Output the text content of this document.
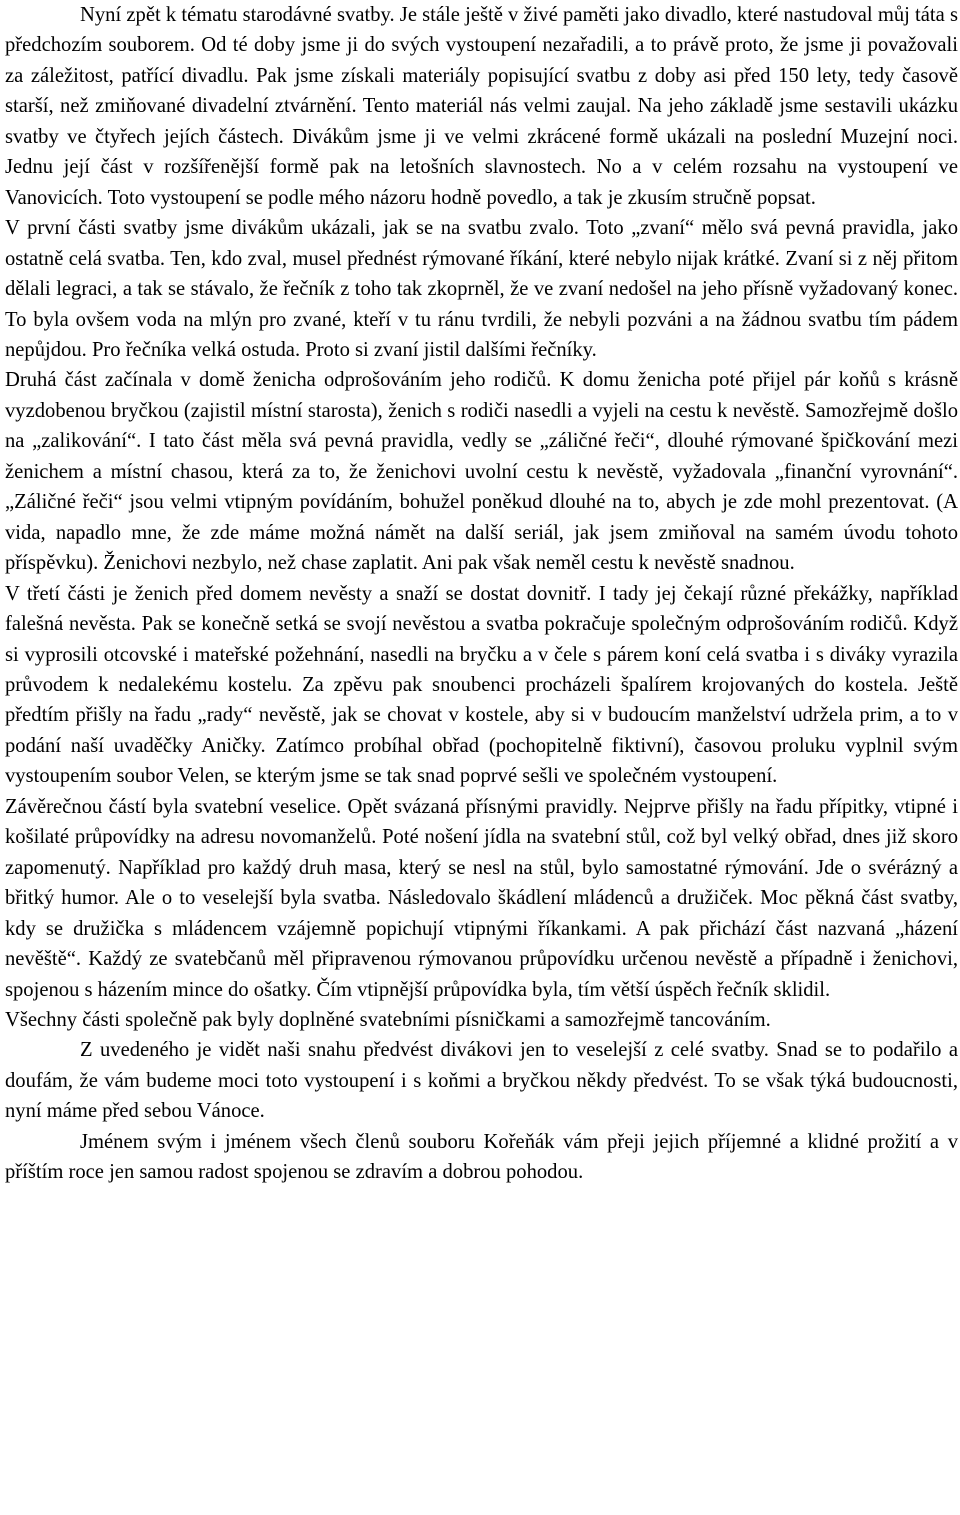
Nyní zpět k tématu starodávné svatby. Je stále ještě v živé paměti jako divadlo, které nastudoval můj táta s předchozím souborem. Od té doby jsme ji do svých vystoupení nezařadili, a to právě proto, že jsme ji považovali za záležitost, patřící divadlu. Pak jsme získali materiály popisující svatbu z doby asi před 150 lety, tedy časově starší, než zmiňované divadelní ztvárnění. Tento materiál nás velmi zaujal. Na jeho základě jsme sestavili ukázku svatby ve čtyřech jejích částech. Divákům jsme ji ve velmi zkrácené formě ukázali na poslední Muzejní noci. Jednu její část v rozšířenější formě pak na letošních slavnostech. No a v celém rozsahu na vystoupení ve Vanovicích. Toto vystoupení se podle mého názoru hodně povedlo, a tak je zkusím stručně popsat.

V první části svatby jsme divákům ukázali, jak se na svatbu zvalo. Toto „zvaní“ mělo svá pevná pravidla, jako ostatně celá svatba. Ten, kdo zval, musel přednést rýmované říkání, které nebylo nijak krátké. Zvaní si z něj přitom dělali legraci, a tak se stávalo, že řečník z toho tak zkoprněl, že ve zvaní nedošel na jeho přísně vyžadovaný konec. To byla ovšem voda na mlýn pro zvané, kteří v tu ránu tvrdili, že nebyli pozváni a na žádnou svatbu tím pádem nepůjdou. Pro řečníka velká ostuda. Proto si zvaní jistil dalšími řečníky.

Druhá část začínala v domě ženicha odprošováním jeho rodičů. K domu ženicha poté přijel pár koňů s krásně vyzdobenou bryčkou (zajistil místní starosta), ženich s rodiči nasedli a vyjeli na cestu k nevěstě. Samozřejmě došlo na „zalikování“. I tato část měla svá pevná pravidla, vedly se „záličné řeči“, dlouhé rýmované špičkování mezi ženichem a místní chasou, která za to, že ženichovi uvolní cestu k nevěstě, vyžadovala „finanční vyrovnání“. „Záličné řeči“ jsou velmi vtipným povídáním, bohužel poněkud dlouhé na to, abych je zde mohl prezentovat. (A vida, napadlo mne, že zde máme možná námět na další seriál, jak jsem zmiňoval na samém úvodu tohoto příspěvku). Ženichovi nezbylo, než chase zaplatit. Ani pak však neměl cestu k nevěstě snadnou.

V třetí části je ženich před domem nevěsty a snaží se dostat dovnitř. I tady jej čekají různé překážky, například falešná nevěsta. Pak se konečně setká se svojí nevěstou a svatba pokračuje společným odprošováním rodičů. Když si vyprosili otcovské i mateřské požehnání, nasedli na bryčku a v čele s párem koní celá svatba i s diváky vyrazila průvodem k nedalekému kostelu. Za zpěvu pak snoubenci procházeli špalírem krojovaných do kostela. Ještě předtím přišly na řadu „rady“ nevěstě, jak se chovat v kostele, aby si v budoucím manželství udržela prim, a to v podání naší uvaděčky Aničky. Zatímco probíhal obřad (pochopitelně fiktivní), časovou proluku vyplnil svým vystoupením soubor Velen, se kterým jsme se tak snad poprvé sešli ve společném vystoupení.

Závěrečnou částí byla svatební veselice. Opět svázaná přísnými pravidly. Nejprve přišly na řadu přípitky, vtipné i košilaté průpovídky na adresu novomanželů. Poté nošení jídla na svatební stůl, což byl velký obřad, dnes již skoro zapomenutý. Například pro každý druh masa, který se nesl na stůl, bylo samostatné rýmování. Jde o svérázný a břitký humor. Ale o to veselejší byla svatba. Následovalo škádlení mládenců a družiček. Moc pěkná část svatby, kdy se družička s mládencem vzájemně popichují vtipnými říkankami. A pak přichází část nazvaná „házení nevěště“. Každý ze svatebčanů měl připravenou rýmovanou průpovídku určenou nevěstě a případně i ženichovi, spojenou s házením mince do ošatky. Čím vtipnější průpovídka byla, tím větší úspěch řečník sklidil.

Všechny části společně pak byly doplněné svatebními písničkami a samozřejmě tancováním.

Z uvedeného je vidět naši snahu předvést divákovi jen to veselejší z celé svatby. Snad se to podařilo a doufám, že vám budeme moci toto vystoupení i s koňmi a bryčkou někdy předvést. To se však týká budoucnosti, nyní máme před sebou Vánoce.

Jménem svým i jménem všech členů souboru Kořeňák vám přeji jejich příjemné a klidné prožití a v příštím roce jen samou radost spojenou se zdravím a dobrou pohodou.
